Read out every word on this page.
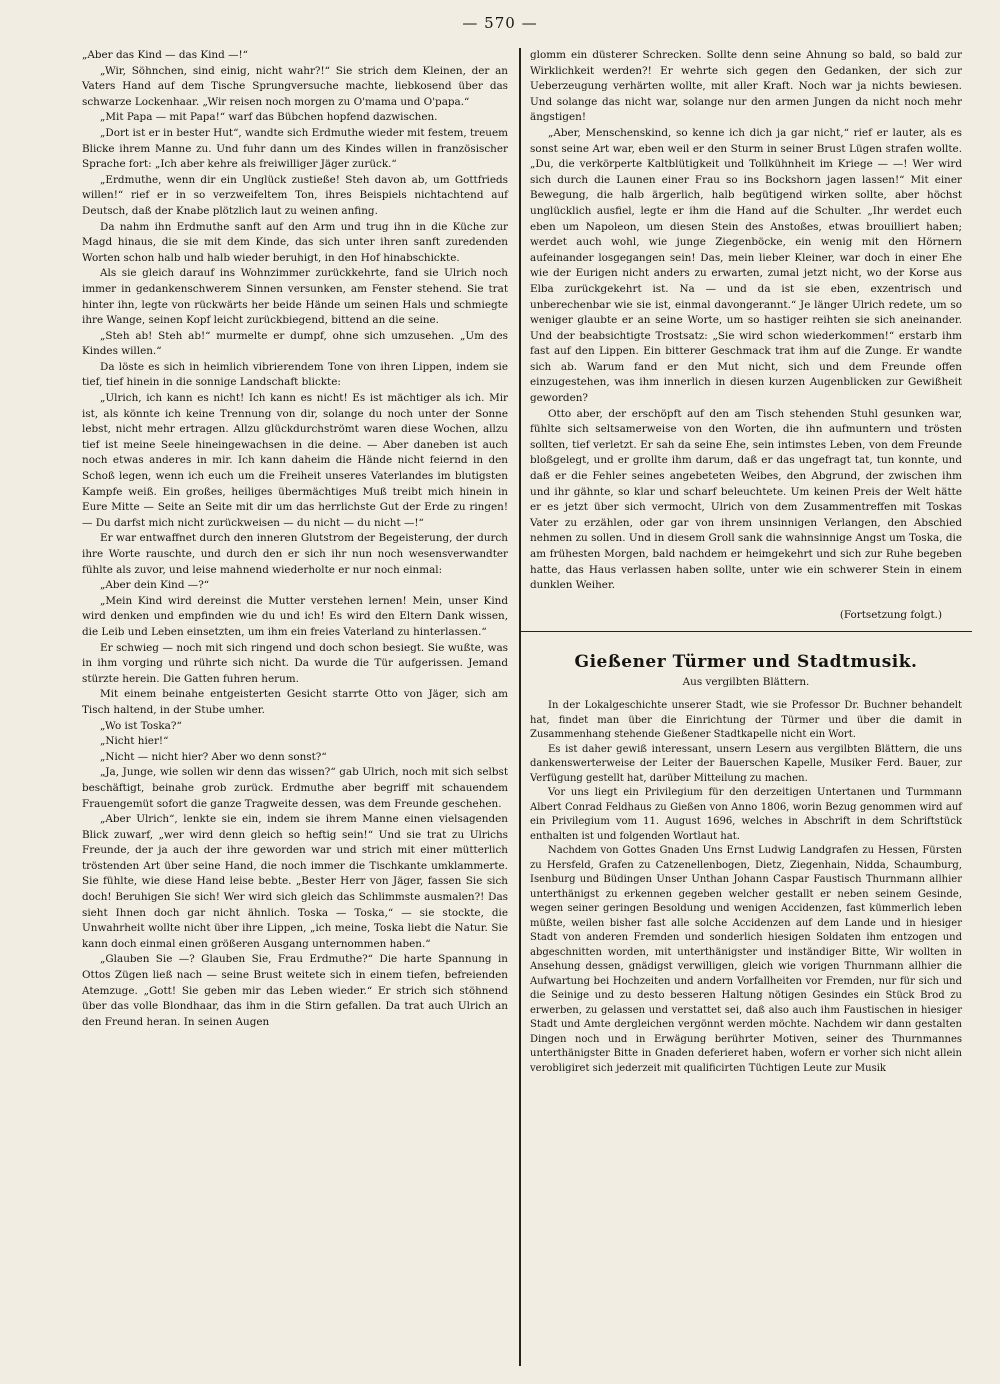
— 570 —

„Aber das Kind — das Kind —!“

„Wir, Söhnchen, sind einig, nicht wahr?!“ Sie strich dem Kleinen, der an Vaters Hand auf dem Tische Sprungversuche machte, liebkosend über das schwarze Lockenhaar. „Wir reisen noch morgen zu O'mama und O'papa.“

„Mit Papa — mit Papa!“ warf das Bübchen hopfend dazwischen.

„Dort ist er in bester Hut“, wandte sich Erdmuthe wieder mit festem, treuem Blicke ihrem Manne zu. Und fuhr dann um des Kindes willen in französischer Sprache fort: „Ich aber kehre als freiwilliger Jäger zurück.“

„Erdmuthe, wenn dir ein Unglück zustieße! Steh davon ab, um Gottfrieds willen!“ rief er in so verzweifeltem Ton, ihres Beispiels nichtachtend auf Deutsch, daß der Knabe plötzlich laut zu weinen anfing.

Da nahm ihn Erdmuthe sanft auf den Arm und trug ihn in die Küche zur Magd hinaus, die sie mit dem Kinde, das sich unter ihren sanft zuredenden Worten schon halb und halb wieder beruhigt, in den Hof hinabschickte.

Als sie gleich darauf ins Wohnzimmer zurückkehrte, fand sie Ulrich noch immer in gedankenschwerem Sinnen versunken, am Fenster stehend. Sie trat hinter ihn, legte von rückwärts her beide Hände um seinen Hals und schmiegte ihre Wange, seinen Kopf leicht zurückbiegend, bittend an die seine.

„Steh ab! Steh ab!“ murmelte er dumpf, ohne sich umzusehen. „Um des Kindes willen.“

Da löste es sich in heimlich vibrierendem Tone von ihren Lippen, indem sie tief, tief hinein in die sonnige Landschaft blickte:

„Ulrich, ich kann es nicht! Ich kann es nicht! Es ist mächtiger als ich. Mir ist, als könnte ich keine Trennung von dir, solange du noch unter der Sonne lebst, nicht mehr ertragen. Allzu glückdurchströmt waren diese Wochen, allzu tief ist meine Seele hineingewachsen in die deine. — Aber daneben ist auch noch etwas anderes in mir. Ich kann daheim die Hände nicht feiernd in den Schoß legen, wenn ich euch um die Freiheit unseres Vaterlandes im blutigsten Kampfe weiß. Ein großes, heiliges übermächtiges Muß treibt mich hinein in Eure Mitte — Seite an Seite mit dir um das herrlichste Gut der Erde zu ringen! — Du darfst mich nicht zurückweisen — du nicht — du nicht —!“

Er war entwaffnet durch den inneren Glutstrom der Begeisterung, der durch ihre Worte rauschte, und durch den er sich ihr nun noch wesensverwandter fühlte als zuvor, und leise mahnend wiederholte er nur noch einmal:

„Aber dein Kind —?“

„Mein Kind wird dereinst die Mutter verstehen lernen! Mein, unser Kind wird denken und empfinden wie du und ich! Es wird den Eltern Dank wissen, die Leib und Leben einsetzten, um ihm ein freies Vaterland zu hinterlassen.“

Er schwieg — noch mit sich ringend und doch schon besiegt. Sie wußte, was in ihm vorging und rührte sich nicht. Da wurde die Tür aufgerissen. Jemand stürzte herein. Die Gatten fuhren herum.

Mit einem beinahe entgeisterten Gesicht starrte Otto von Jäger, sich am Tisch haltend, in der Stube umher.

„Wo ist Toska?“

„Nicht hier!“

„Nicht — nicht hier? Aber wo denn sonst?“

„Ja, Junge, wie sollen wir denn das wissen?“ gab Ulrich, noch mit sich selbst beschäftigt, beinahe grob zurück. Erdmuthe aber begriff mit schauendem Frauengemüt sofort die ganze Tragweite dessen, was dem Freunde geschehen.

„Aber Ulrich“, lenkte sie ein, indem sie ihrem Manne einen vielsagenden Blick zuwarf, „wer wird denn gleich so heftig sein!“ Und sie trat zu Ulrichs Freunde, der ja auch der ihre geworden war und strich mit einer mütterlich tröstenden Art über seine Hand, die noch immer die Tischkante umklammerte. Sie fühlte, wie diese Hand leise bebte. „Bester Herr von Jäger, fassen Sie sich doch! Beruhigen Sie sich! Wer wird sich gleich das Schlimmste ausmalen?! Das sieht Ihnen doch gar nicht ähnlich. Toska — Toska,“ — sie stockte, die Unwahrheit wollte nicht über ihre Lippen, „ich meine, Toska liebt die Natur. Sie kann doch einmal einen größeren Ausgang unternommen haben.“

„Glauben Sie —? Glauben Sie, Frau Erdmuthe?“ Die harte Spannung in Ottos Zügen ließ nach — seine Brust weitete sich in einem tiefen, befreienden Atemzuge. „Gott! Sie geben mir das Leben wieder.“ Er strich sich stöhnend über das volle Blondhaar, das ihm in die Stirn gefallen. Da trat auch Ulrich an den Freund heran. In seinen Augen

glomm ein düsterer Schrecken. Sollte denn seine Ahnung so bald, so bald zur Wirklichkeit werden?! Er wehrte sich gegen den Gedanken, der sich zur Ueberzeugung verhärten wollte, mit aller Kraft. Noch war ja nichts bewiesen. Und solange das nicht war, solange nur den armen Jungen da nicht noch mehr ängstigen!

„Aber, Menschenskind, so kenne ich dich ja gar nicht,“ rief er lauter, als es sonst seine Art war, eben weil er den Sturm in seiner Brust Lügen strafen wollte. „Du, die verkörperte Kaltblütigkeit und Tollkühnheit im Kriege — —! Wer wird sich durch die Launen einer Frau so ins Bockshorn jagen lassen!“ Mit einer Bewegung, die halb ärgerlich, halb begütigend wirken sollte, aber höchst unglücklich ausfiel, legte er ihm die Hand auf die Schulter. „Ihr werdet euch eben um Napoleon, um diesen Stein des Anstoßes, etwas brouilliert haben; werdet auch wohl, wie junge Ziegenböcke, ein wenig mit den Hörnern aufeinander losgegangen sein! Das, mein lieber Kleiner, war doch in einer Ehe wie der Eurigen nicht anders zu erwarten, zumal jetzt nicht, wo der Korse aus Elba zurückgekehrt ist. Na — und da ist sie eben, exzentrisch und unberechenbar wie sie ist, einmal davongerannt.“ Je länger Ulrich redete, um so weniger glaubte er an seine Worte, um so hastiger reihten sie sich aneinander. Und der beabsichtigte Trostsatz: „Sie wird schon wiederkommen!“ erstarb ihm fast auf den Lippen. Ein bitterer Geschmack trat ihm auf die Zunge. Er wandte sich ab. Warum fand er den Mut nicht, sich und dem Freunde offen einzugestehen, was ihm innerlich in diesen kurzen Augenblicken zur Gewißheit geworden?

Otto aber, der erschöpft auf den am Tisch stehenden Stuhl gesunken war, fühlte sich seltsamerweise von den Worten, die ihn aufmuntern und trösten sollten, tief verletzt. Er sah da seine Ehe, sein intimstes Leben, von dem Freunde bloßgelegt, und er grollte ihm darum, daß er das ungefragt tat, tun konnte, und daß er die Fehler seines angebeteten Weibes, den Abgrund, der zwischen ihm und ihr gähnte, so klar und scharf beleuchtete. Um keinen Preis der Welt hätte er es jetzt über sich vermocht, Ulrich von dem Zusammentreffen mit Toskas Vater zu erzählen, oder gar von ihrem unsinnigen Verlangen, den Abschied nehmen zu sollen. Und in diesem Groll sank die wahnsinnige Angst um Toska, die am frühesten Morgen, bald nachdem er heimgekehrt und sich zur Ruhe begeben hatte, das Haus verlassen haben sollte, unter wie ein schwerer Stein in einem dunklen Weiher.

(Fortsetzung folgt.)
Gießener Türmer und Stadtmusik.
Aus vergilbten Blättern.

In der Lokalgeschichte unserer Stadt, wie sie Professor Dr. Buchner behandelt hat, findet man über die Einrichtung der Türmer und über die damit in Zusammenhang stehende Gießener Stadtkapelle nicht ein Wort.

Es ist daher gewiß interessant, unsern Lesern aus vergilbten Blättern, die uns dankenswerterweise der Leiter der Bauerschen Kapelle, Musiker Ferd. Bauer, zur Verfügung gestellt hat, darüber Mitteilung zu machen.

Vor uns liegt ein Privilegium für den derzeitigen Untertanen und Turmmann Albert Conrad Feldhaus zu Gießen von Anno 1806, worin Bezug genommen wird auf ein Privilegium vom 11. August 1696, welches in Abschrift in dem Schriftstück enthalten ist und folgenden Wortlaut hat.

Nachdem von Gottes Gnaden Uns Ernst Ludwig Landgrafen zu Hessen, Fürsten zu Hersfeld, Grafen zu Catzenellenbogen, Dietz, Ziegenhain, Nidda, Schaumburg, Isenburg und Büdingen Unser Unthan Johann Caspar Faustisch Thurnmann allhier unterthänigst zu erkennen gegeben welcher gestallt er neben seinem Gesinde, wegen seiner geringen Besoldung und wenigen Accidenzen, fast kümmerlich leben müßte, weilen bisher fast alle solche Accidenzen auf dem Lande und in hiesiger Stadt von anderen Fremden und sonderlich hiesigen Soldaten ihm entzogen und abgeschnitten worden, mit unterthänigster und inständiger Bitte, Wir wollten in Ansehung dessen, gnädigst verwilligen, gleich wie vorigen Thurnmann allhier die Aufwartung bei Hochzeiten und andern Vorfallheiten vor Fremden, nur für sich und die Seinige und zu desto besseren Haltung nötigen Gesindes ein Stück Brod zu erwerben, zu gelassen und verstattet sei, daß also auch ihm Faustischen in hiesiger Stadt und Amte dergleichen vergönnt werden möchte. Nachdem wir dann gestalten Dingen noch und in Erwägung berührter Motiven, seiner des Thurnmannes unterthänigster Bitte in Gnaden deferieret haben, wofern er vorher sich nicht allein verobligiret sich jederzeit mit qualificirten Tüchtigen Leute zur Musik
